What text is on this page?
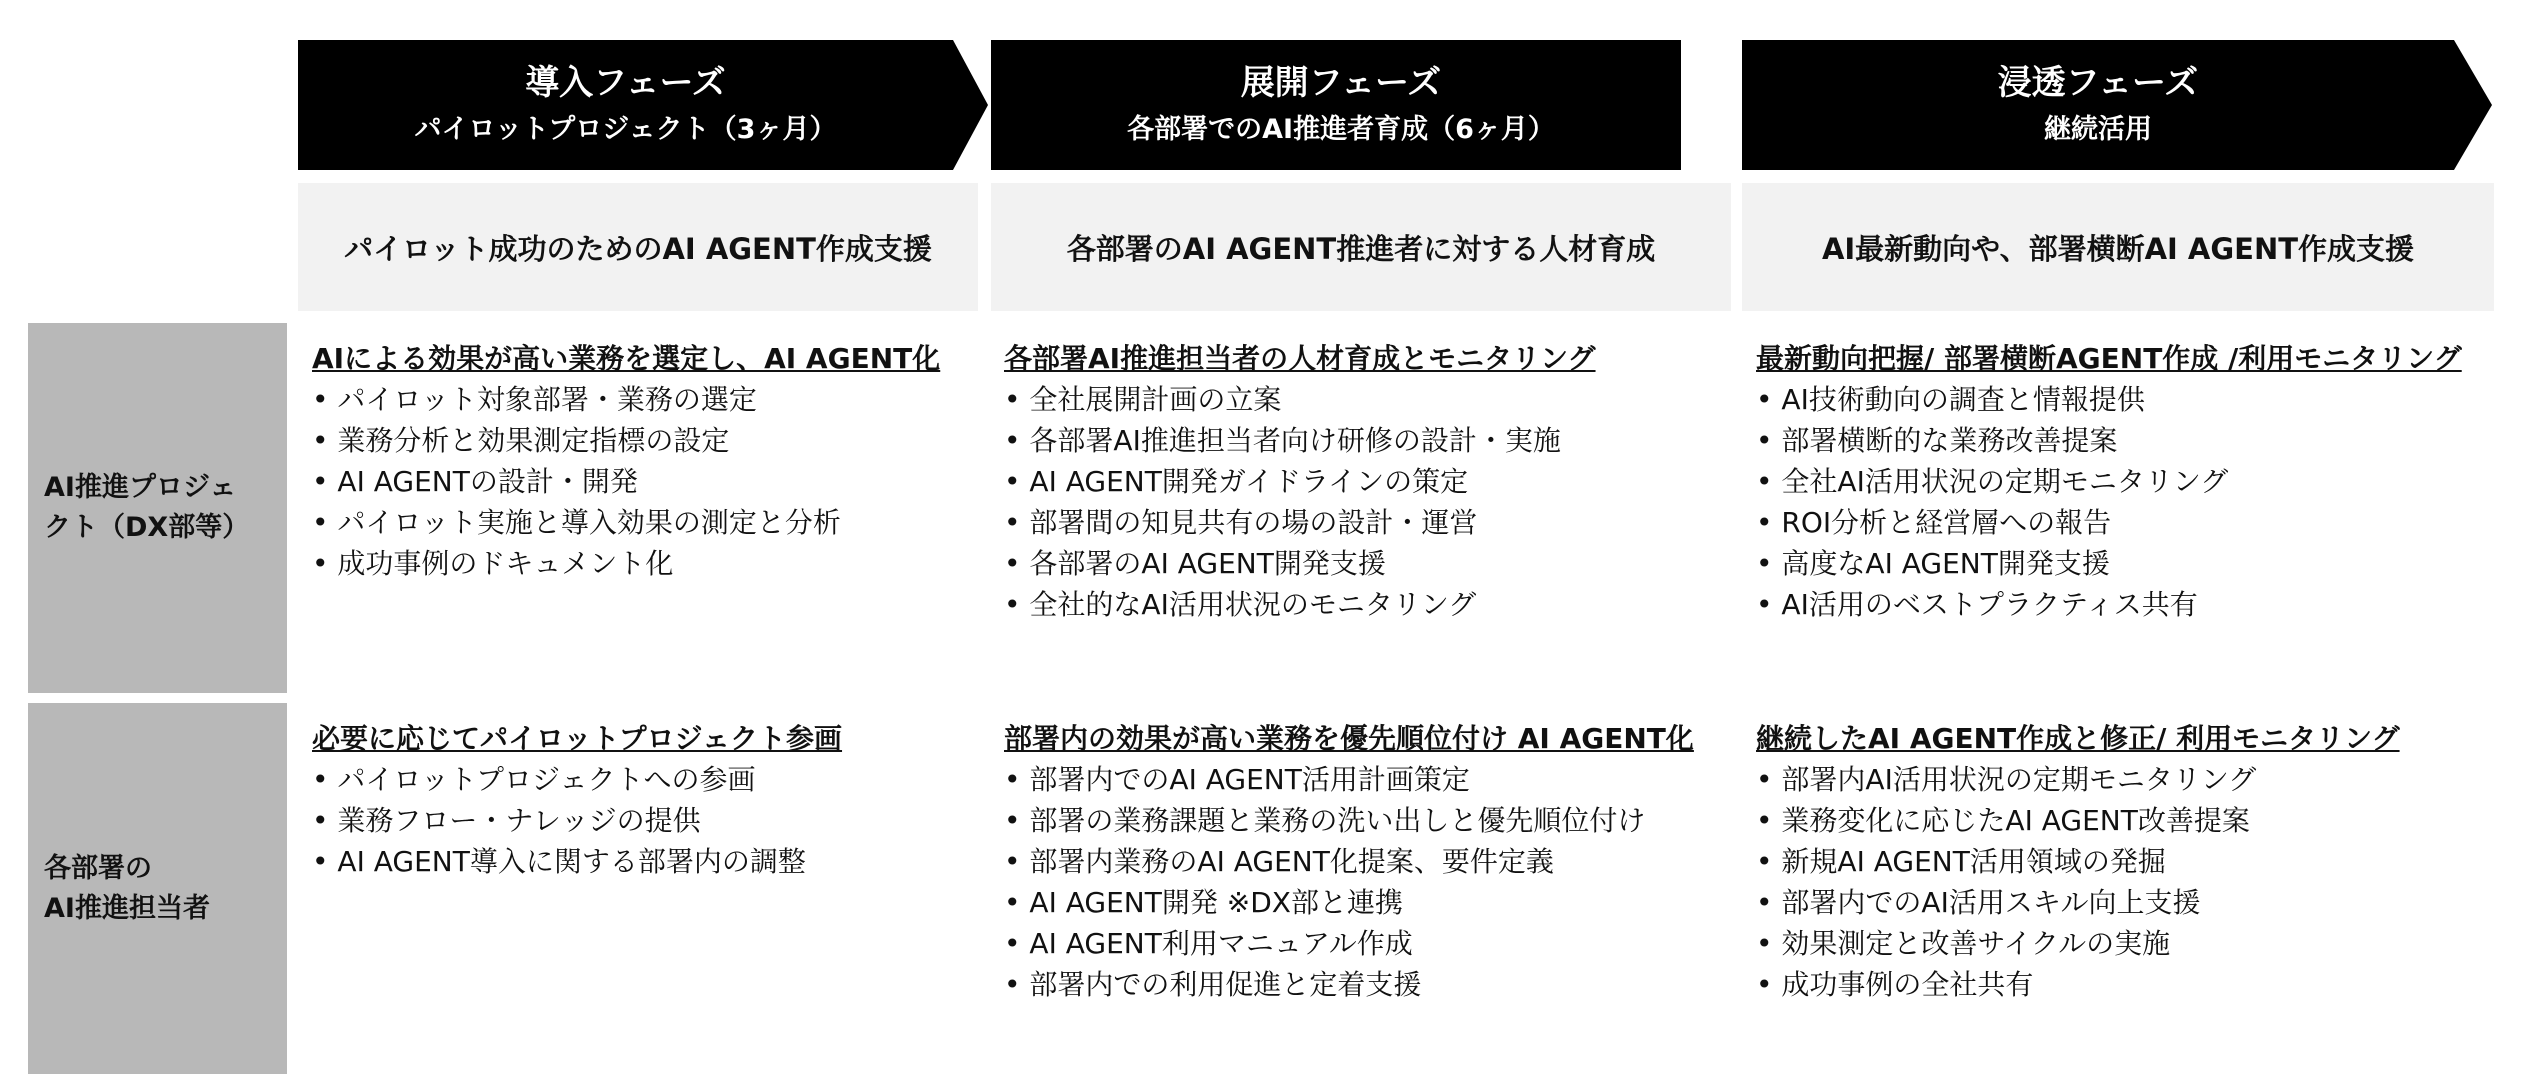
導入フェーズ
パイロットプロジェクト（3ヶ月）
展開フェーズ
各部署でのAI推進者育成（6ヶ月）
浸透フェーズ
継続活用
パイロット成功のためのAI AGENT作成支援	各部署のAI AGENT推進者に対する人材育成	AI最新動向や、部署横断AI AGENT作成支援
AI推進プロジェ
クト（DX部等）
各部署の
AI推進担当者
AIによる効果が高い業務を選定し、AI AGENT化
• パイロット対象部署・業務の選定
• 業務分析と効果測定指標の設定
• AI AGENTの設計・開発
• パイロット実施と導入効果の測定と分析
• 成功事例のドキュメント化
各部署AI推進担当者の人材育成とモニタリング
• 全社展開計画の立案
• 各部署AI推進担当者向け研修の設計・実施
• AI AGENT開発ガイドラインの策定
• 部署間の知見共有の場の設計・運営
• 各部署のAI AGENT開発支援
• 全社的なAI活用状況のモニタリング
最新動向把握/ 部署横断AGENT作成 /利用モニタリング
• AI技術動向の調査と情報提供
• 部署横断的な業務改善提案
• 全社AI活用状況の定期モニタリング
• ROI分析と経営層への報告
• 高度なAI AGENT開発支援
• AI活用のベストプラクティス共有
必要に応じてパイロットプロジェクト参画
• パイロットプロジェクトへの参画
• 業務フロー・ナレッジの提供
• AI AGENT導入に関する部署内の調整
部署内の効果が高い業務を優先順位付け AI AGENT化
• 部署内でのAI AGENT活用計画策定
• 部署の業務課題と業務の洗い出しと優先順位付け
• 部署内業務のAI AGENT化提案、要件定義
• AI AGENT開発 ※DX部と連携
• AI AGENT利用マニュアル作成
• 部署内での利用促進と定着支援
継続したAI AGENT作成と修正/ 利用モニタリング
• 部署内AI活用状況の定期モニタリング
• 業務変化に応じたAI AGENT改善提案
• 新規AI AGENT活用領域の発掘
• 部署内でのAI活用スキル向上支援
• 効果測定と改善サイクルの実施
• 成功事例の全社共有
